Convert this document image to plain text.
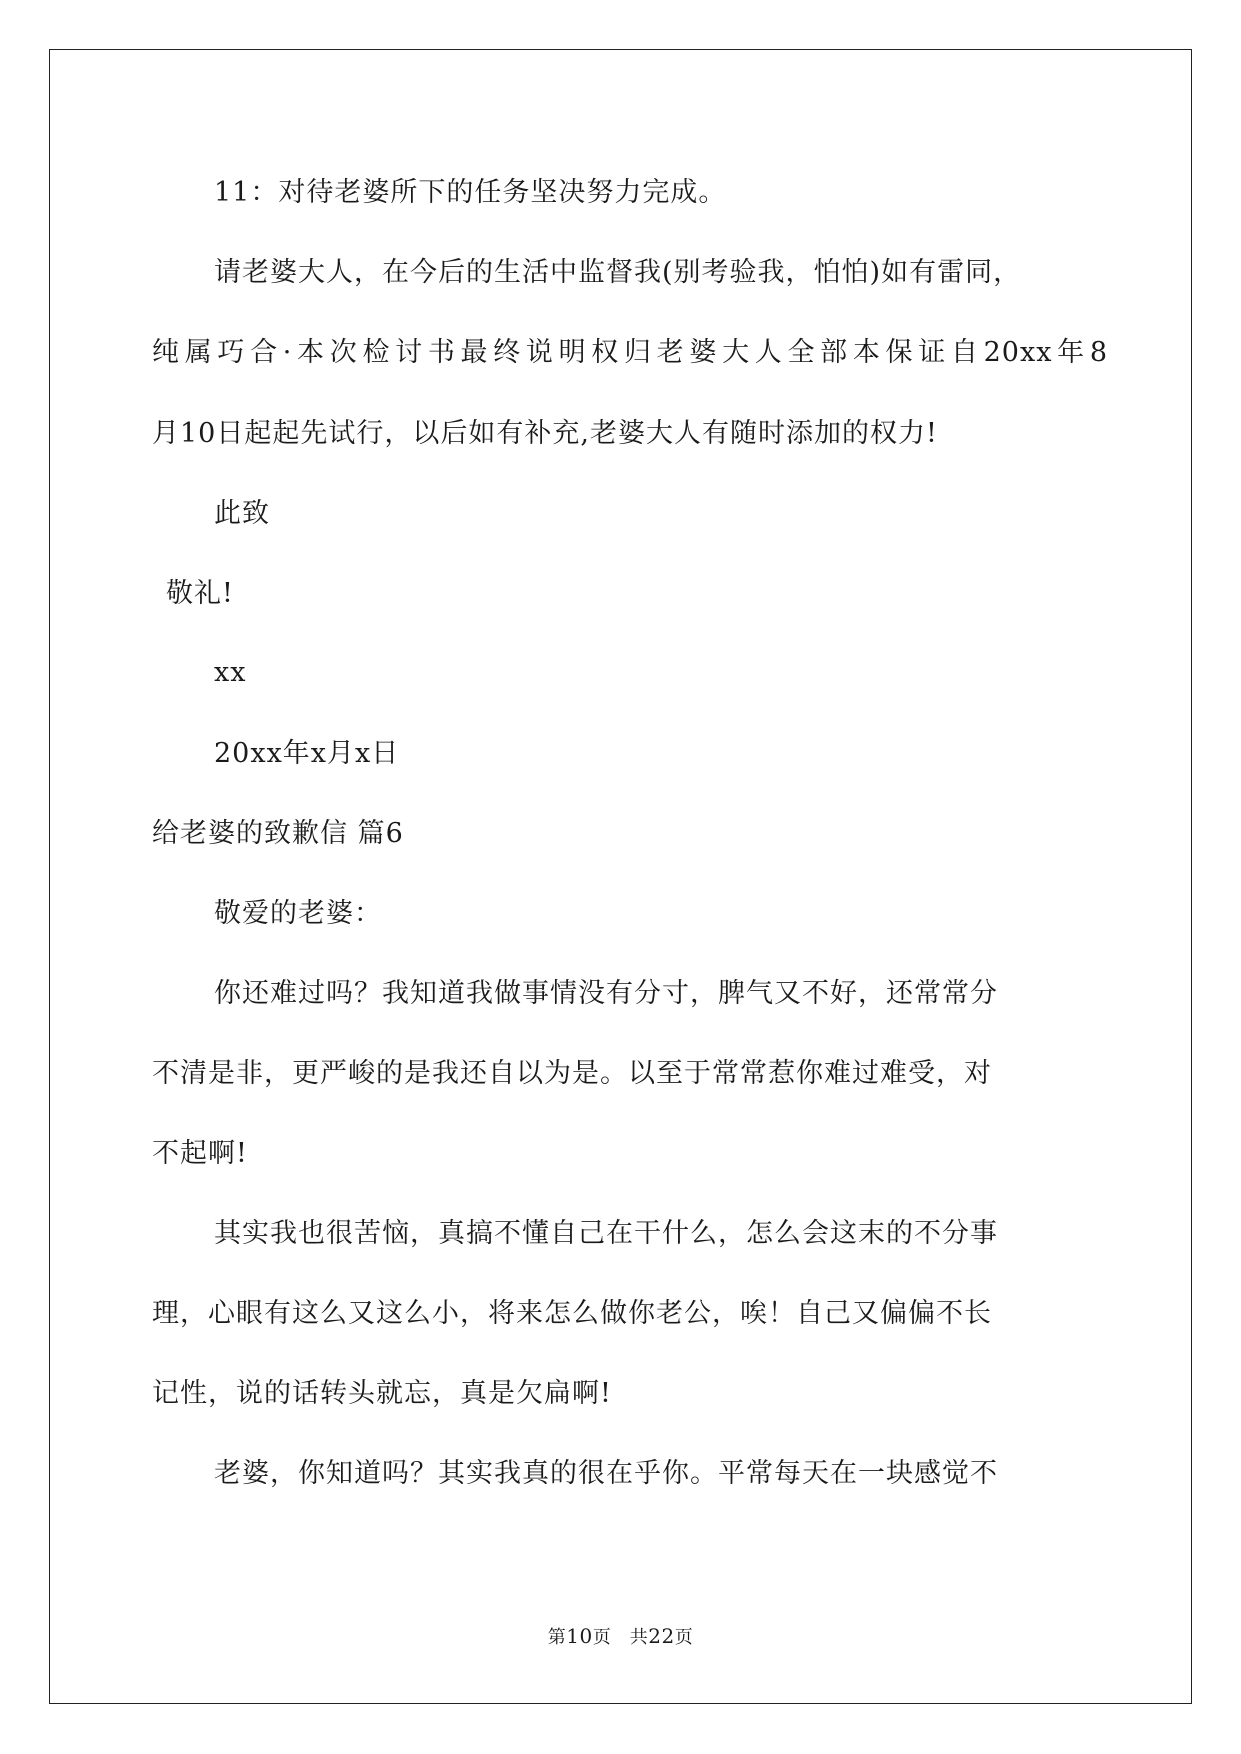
11：对待老婆所下的任务坚决努力完成。
请老婆大人，在今后的生活中监督我(别考验我，怕怕)如有雷同，
纯属巧合·本次检讨书最终说明权归老婆大人全部本保证自20xx年8
月10日起起先试行，以后如有补充,老婆大人有随时添加的权力!
此致
敬礼!
xx
20xx年x月x日
给老婆的致歉信 篇6
敬爱的老婆：
你还难过吗？我知道我做事情没有分寸，脾气又不好，还常常分
不清是非，更严峻的是我还自以为是。以至于常常惹你难过难受，对
不起啊!
其实我也很苦恼，真搞不懂自己在干什么，怎么会这末的不分事
理，心眼有这么又这么小，将来怎么做你老公，唉！自己又偏偏不长
记性，说的话转头就忘，真是欠扁啊!
老婆，你知道吗？其实我真的很在乎你。平常每天在一块感觉不
第10页　共22页
